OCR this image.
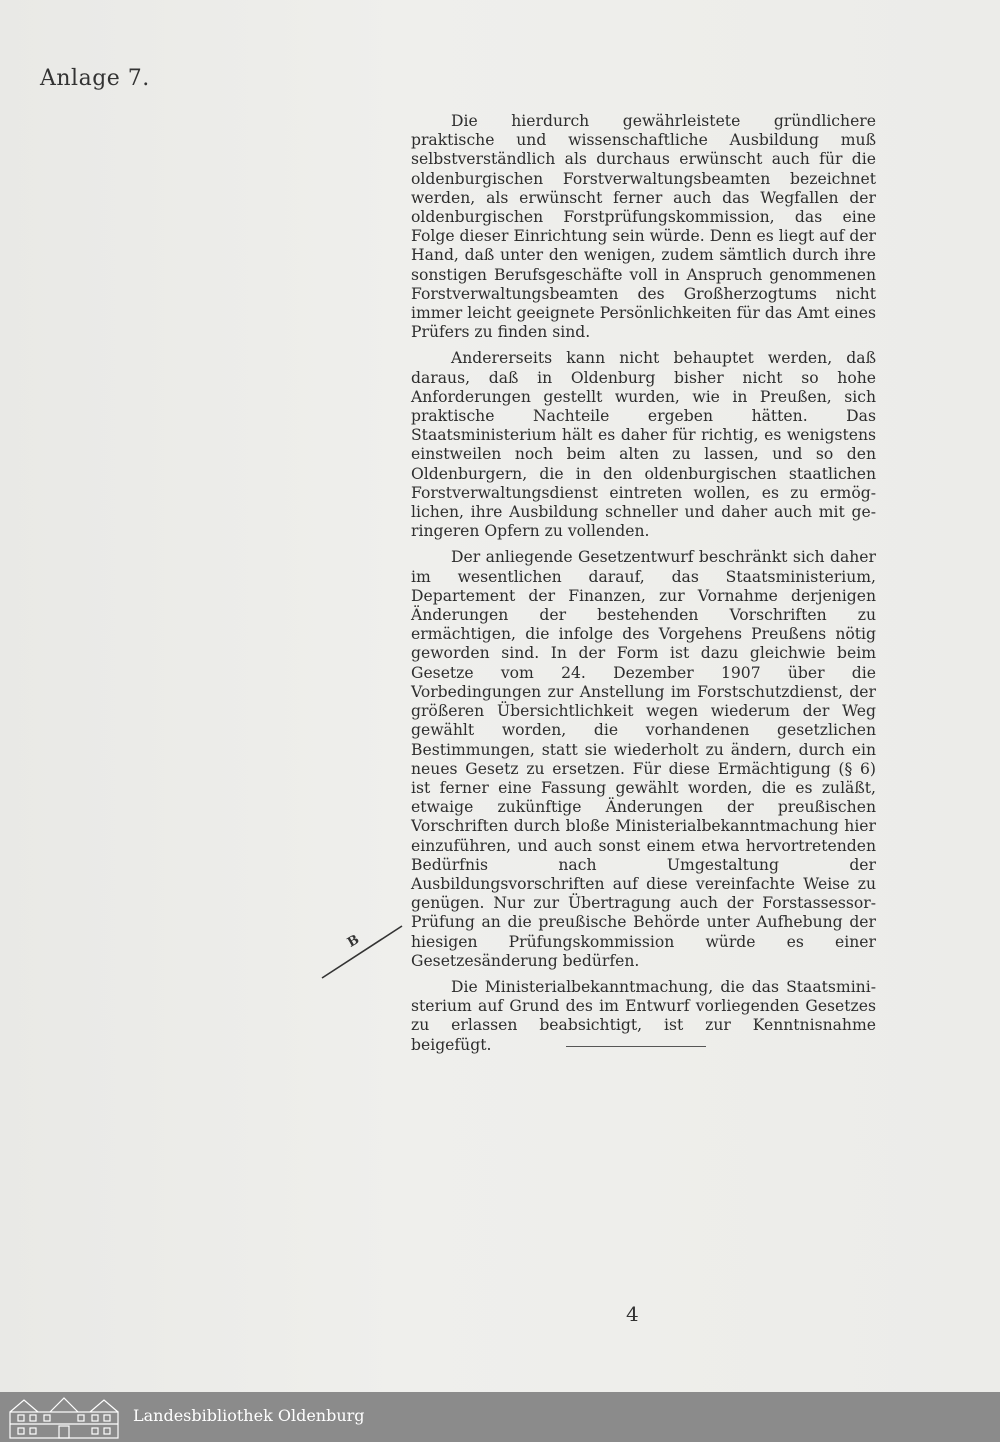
Anlage 7.

Die hierdurch gewährleistete gründlichere praktische und wissenschaftliche Ausbildung muß selbstverständlich als durchaus erwünscht auch für die oldenburgischen Forstverwaltungsbeamten bezeichnet werden, als erwünscht ferner auch das Wegfallen der oldenburgischen Forstprüfungskommission, das eine Folge dieser Einrichtung sein würde. Denn es liegt auf der Hand, daß unter den wenigen, zudem sämtlich durch ihre sonstigen Berufsgeschäfte voll in Anspruch genommenen Forstverwaltungsbeamten des Großherzogtums nicht immer leicht geeignete Persönlichkeiten für das Amt eines Prüfers zu finden sind.

Andererseits kann nicht behauptet werden, daß daraus, daß in Oldenburg bisher nicht so hohe Anforderungen gestellt wurden, wie in Preußen, sich praktische Nachteile ergeben hätten. Das Staatsministerium hält es daher für richtig, es wenigstens einstweilen noch beim alten zu lassen, und so den Oldenburgern, die in den oldenburgischen staatlichen Forstverwaltungsdienst eintreten wollen, es zu ermöglichen, ihre Ausbildung schneller und daher auch mit geringeren Opfern zu vollenden.

Der anliegende Gesetzentwurf beschränkt sich daher im wesentlichen darauf, das Staatsministerium, Departement der Finanzen, zur Vornahme derjenigen Änderungen der bestehenden Vorschriften zu ermächtigen, die infolge des Vorgehens Preußens nötig geworden sind. In der Form ist dazu gleichwie beim Gesetze vom 24. Dezember 1907 über die Vorbedingungen zur Anstellung im Forstschutzdienst, der größeren Übersichtlichkeit wegen wiederum der Weg gewählt worden, die vorhandenen gesetzlichen Bestimmungen, statt sie wiederholt zu ändern, durch ein neues Gesetz zu ersetzen. Für diese Ermächtigung (§ 6) ist ferner eine Fassung gewählt worden, die es zuläßt, etwaige zukünftige Änderungen der preußischen Vorschriften durch bloße Ministerialbekanntmachung hier einzuführen, und auch sonst einem etwa hervortretenden Bedürfnis nach Umgestaltung der Ausbildungsvorschriften auf diese vereinfachte Weise zu genügen. Nur zur Übertragung auch der Forstassessor-Prüfung an die preußische Behörde unter Aufhebung der hiesigen Prüfungskommission würde es einer Gesetzesänderung bedürfen.

Die Ministerialbekanntmachung, die das Staatsministerium auf Grund des im Entwurf vorliegenden Gesetzes zu erlassen beabsichtigt, ist zur Kenntnisnahme beigefügt.

B
4
Landesbibliothek Oldenburg
